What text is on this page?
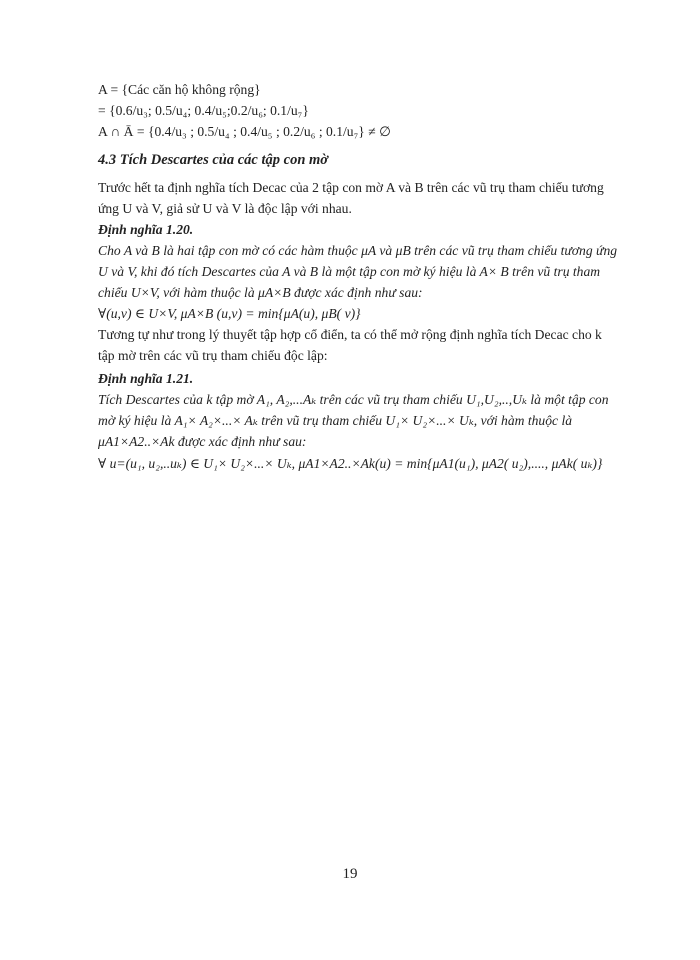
A = {Các căn hộ không rộng}
= {0.6/u₃; 0.5/u₄; 0.4/u₅;0.2/u₆; 0.1/u₇}
A ∩ Ā = {0.4/u₃ ; 0.5/u₄ ; 0.4/u₅ ; 0.2/u₆ ; 0.1/u₇} ≠ ∅
4.3 Tích Descartes của các tập con mờ
Trước hết ta định nghĩa tích Decac của 2 tập con mờ A và B trên các vũ trụ tham chiếu tương
ứng U và V, giả sử U và V là độc lập với nhau.
Định nghĩa 1.20.
Cho A và B là hai tập con mờ có các hàm thuộc μA và μB trên các vũ trụ tham chiếu tương ứng
U và V, khi đó tích Descartes của A và B là một tập con mờ ký hiệu là A× B trên vũ trụ tham
chiếu U×V, với hàm thuộc là μA×B được xác định như sau:
∀(u,v) ∈ U×V, μA×B (u,v) = min{μA(u), μB( v)}
Tương tự như trong lý thuyết tập hợp cổ điển, ta có thể mở rộng định nghĩa tích Decac cho k
tập mờ trên các vũ trụ tham chiếu độc lập:
Định nghĩa 1.21.
Tích Descartes của k tập mờ A₁, A₂,...Aₖ trên các vũ trụ tham chiếu U₁,U₂,..,Uₖ là một tập con
mờ ký hiệu là A₁× A₂×...× Aₖ trên vũ trụ tham chiếu U₁× U₂×...× Uₖ, với hàm thuộc là
μA1×A2..×Ak được xác định như sau:
∀ u=(u₁, u₂,..uₖ) ∈ U₁× U₂×...× Uₖ, μA1×A2..×Ak(u) = min{μA1(u₁), μA2( u₂),...., μAk( uₖ)}
19
